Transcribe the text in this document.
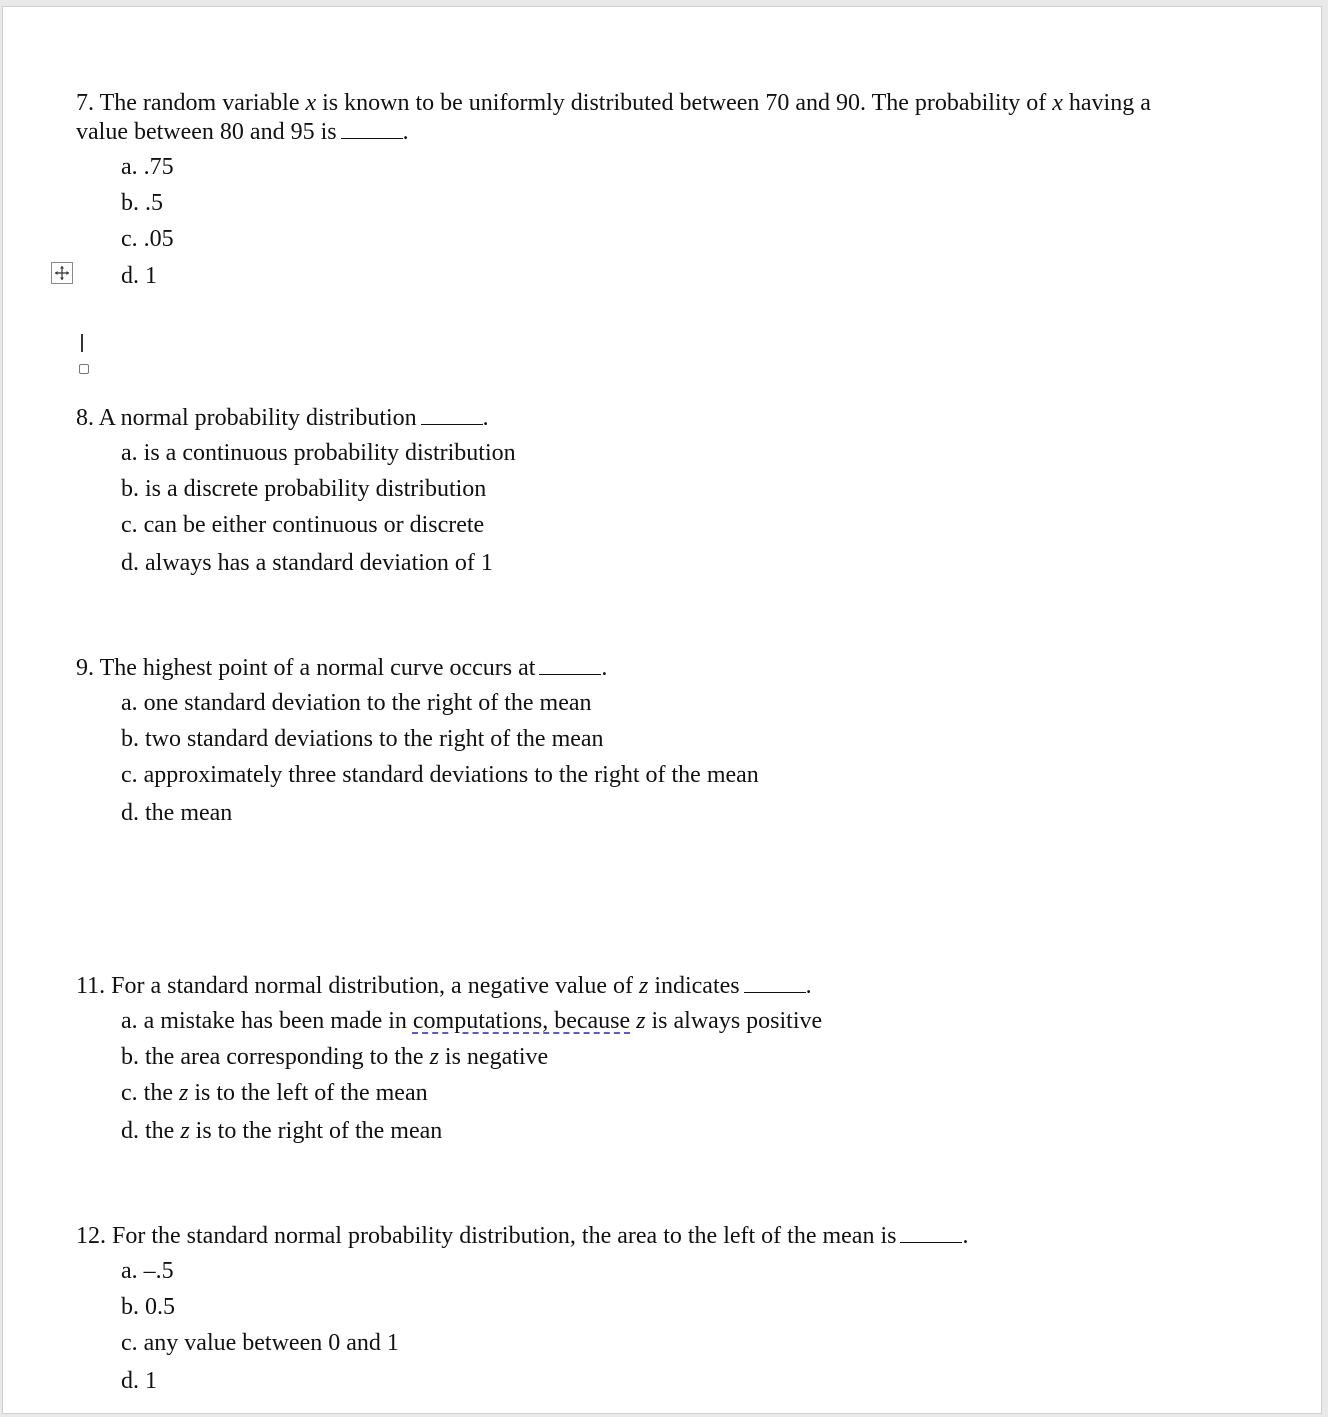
7. The random variable x is known to be uniformly distributed between 70 and 90. The probability of x having a
value between 80 and 95 is	.
a. .75
b. .5
c. .05
d. 1
8. A normal probability distribution	.
a. is a continuous probability distribution
b. is a discrete probability distribution
c. can be either continuous or discrete
d. always has a standard deviation of 1
9. The highest point of a normal curve occurs at	.
a. one standard deviation to the right of the mean
b. two standard deviations to the right of the mean
c. approximately three standard deviations to the right of the mean
d. the mean
11. For a standard normal distribution, a negative value of z indicates	.
a. a mistake has been made in computations, because z is always positive
b. the area corresponding to the z is negative
c. the z is to the left of the mean
d. the z is to the right of the mean
12. For the standard normal probability distribution, the area to the left of the mean is	.
a. –.5
b. 0.5
c. any value between 0 and 1
d. 1
